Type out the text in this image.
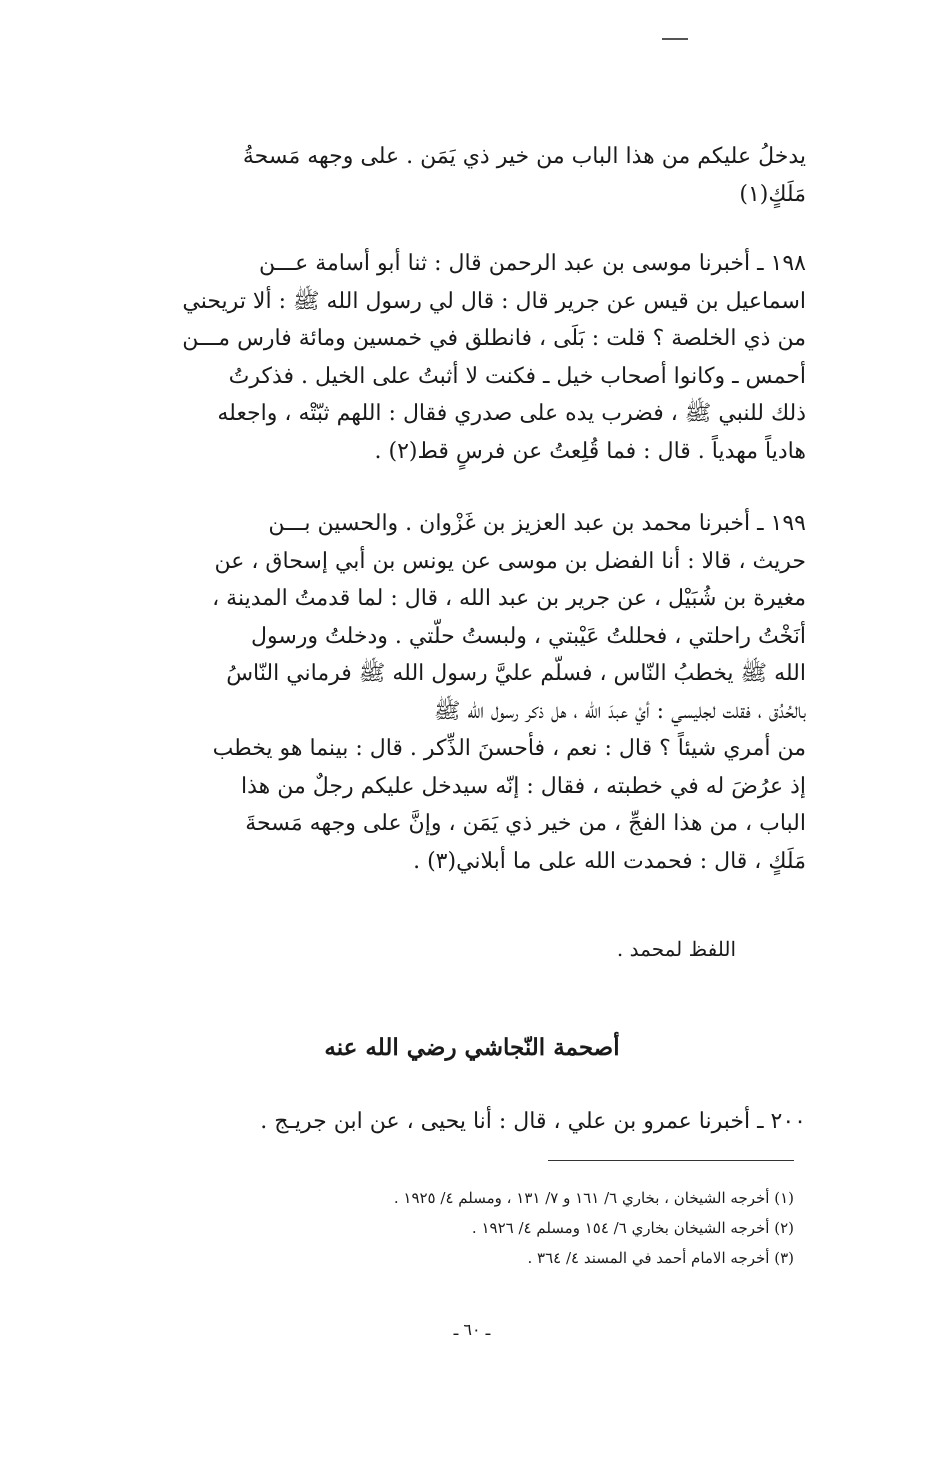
يدخلُ عليكم من هذا الباب من خير ذي يَمَن . على وجهه مَسحةُ
مَلَكٍ(١)
١٩٨ ـ أخبرنا موسى بن عبد الرحمن قال : ثنا أبو أسامة عـــن
اسماعيل بن قيس عن جرير قال : قال لي رسول الله ﷺ : ألا تريحني
من ذي الخلصة ؟ قلت : بَلَى ، فانطلق في خمسين ومائة فارس مـــن
أحمس ـ وكانوا أصحاب خيل ـ فكنت لا أثبتُ على الخيل . فذكرتُ
ذلك للنبي ﷺ ، فضرب يده على صدري فقال : اللهم ثبّتْه ، واجعله
هادياً مهدياً . قال : فما قُلِعتُ عن فرسٍ قط(٢) .
١٩٩ ـ أخبرنا محمد بن عبد العزيز بن غَزْوان . والحسين بـــن
حريث ، قالا : أنا الفضل بن موسى عن يونس بن أبي إسحاق ، عن
مغيرة بن شُبَيْل ، عن جرير بن عبد الله ، قال : لما قدمتُ المدينة ،
أنَخْتُ راحلتي ، فحللتُ عَيْبتي ، ولبستُ حلّتي . ودخلتُ ورسول
الله ﷺ يخطبُ النّاس ، فسلّم عليَّ رسول الله ﷺ فرماني النّاسُ
بالحُدُق ، فقلت لجليسي : أيْ عبدَ الله ، هل ذكر رسول الله ﷺ
من أمري شيئاً ؟ قال : نعم ، فأحسنَ الذِّكر . قال : بينما هو يخطب
إذ عرُضَ له في خطبته ، فقال : إنّه سيدخل عليكم رجلٌ من هذا
الباب ، من هذا الفجِّ ، من خير ذي يَمَن ، وإنَّ على وجهه مَسحةَ
مَلَكٍ ، قال : فحمدت الله على ما أبلاني(٣) .
اللفظ لمحمد .
أصحمة النّجاشي رضي الله عنه
٢٠٠ ـ أخبرنا عمرو بن علي ، قال : أنا يحيى ، عن ابن جريـج .
(١) أخرجه الشيخان ، بخاري ٦/ ١٦١ و ٧/ ١٣١ ، ومسلم ٤/ ١٩٢٥ .
(٢) أخرجه الشيخان بخاري ٦/ ١٥٤ ومسلم ٤/ ١٩٢٦ .
(٣) أخرجه الامام أحمد في المسند ٤/ ٣٦٤ .
ـ ٦٠ ـ
